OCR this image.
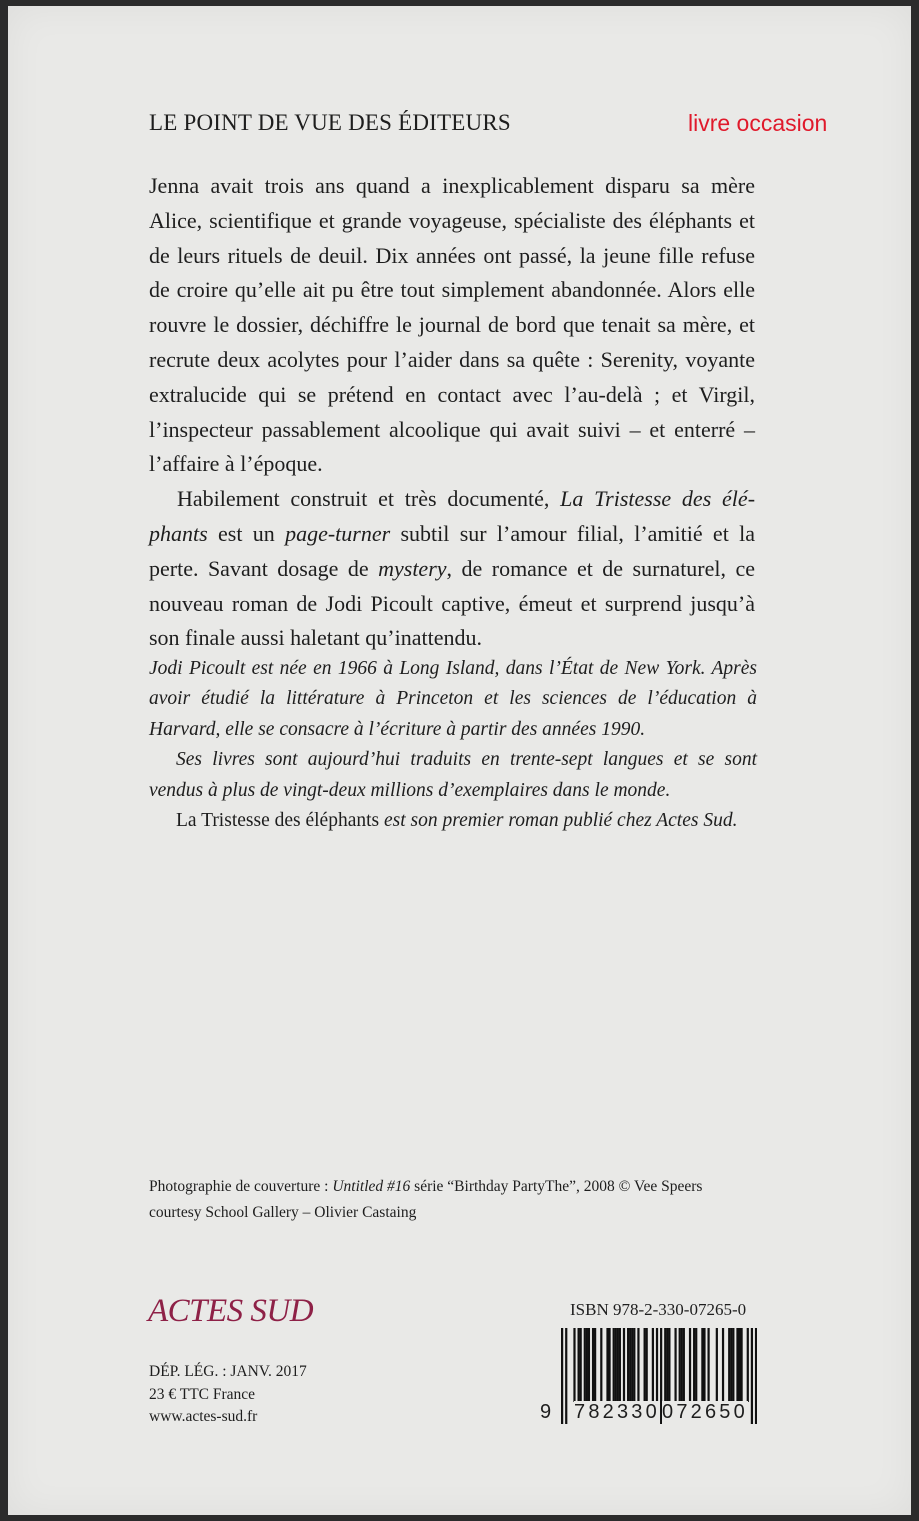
LE POINT DE VUE DES ÉDITEURS	livre occasion

Jenna avait trois ans quand a inexplicablement disparu sa mère Alice, scientifique et grande voyageuse, spécialiste des éléphants et de leurs rituels de deuil. Dix années ont passé, la jeune fille refuse de croire qu’elle ait pu être tout simplement abandonnée. Alors elle rouvre le dossier, déchiffre le journal de bord que tenait sa mère, et recrute deux acolytes pour l’aider dans sa quête : Serenity, voyante extralucide qui se prétend en contact avec l’au-delà ; et Virgil, l’inspecteur passablement alcoolique qui avait suivi – et enterré – l’affaire à l’époque.

Habilement construit et très documenté, La Tristesse des éléphants est un page-turner subtil sur l’amour filial, l’amitié et la perte. Savant dosage de mystery, de romance et de surnaturel, ce nouveau roman de Jodi Picoult captive, émeut et surprend jusqu’à son finale aussi haletant qu’inattendu.

Jodi Picoult est née en 1966 à Long Island, dans l’État de New York. Après avoir étudié la littérature à Princeton et les sciences de l’éducation à Harvard, elle se consacre à l’écriture à partir des années 1990.

Ses livres sont aujourd’hui traduits en trente-sept langues et se sont vendus à plus de vingt-deux millions d’exemplaires dans le monde.

La Tristesse des éléphants est son premier roman publié chez Actes Sud.

Photographie de couverture : Untitled #16 série “Birthday PartyThe”, 2008 © Vee Speers

courtesy School Gallery – Olivier Castaing

ACTES SUD

DÉP. LÉG. : JANV. 2017

23 € TTC France

www.actes-sud.fr

ISBN 978-2-330-07265-0
9 782330 072650
